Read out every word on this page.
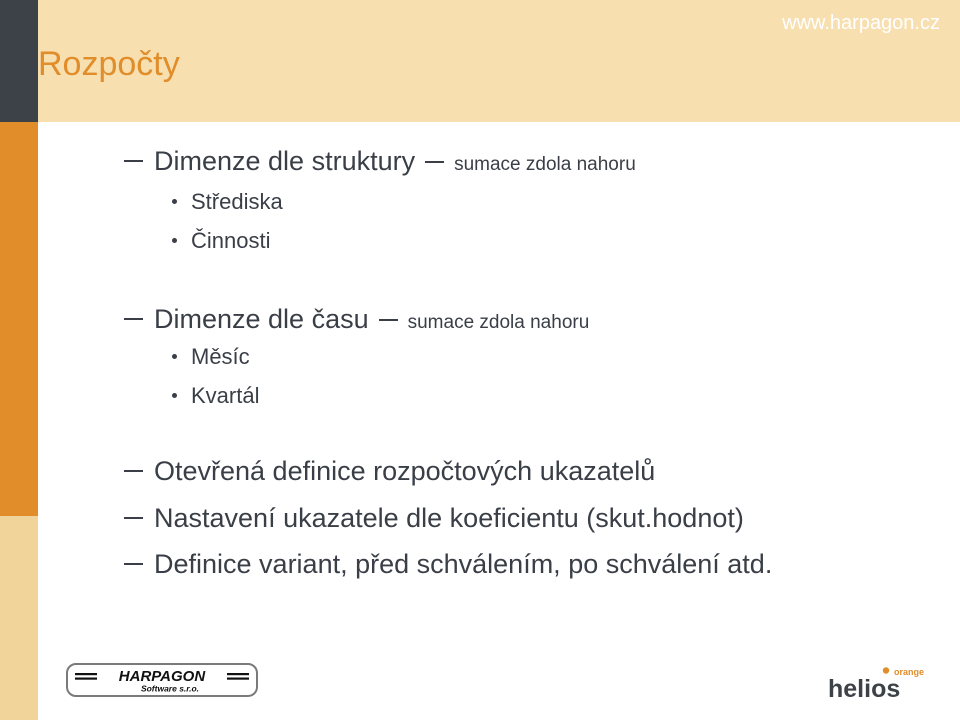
Rozpočty
www.harpagon.cz
Dimenze dle struktury sumace zdola nahoru
Střediska
Činnosti
Dimenze dle času sumace zdola nahoru
Měsíc
Kvartál
Otevřená definice rozpočtových ukazatelů
Nastavení ukazatele dle koeficientu (skut.hodnot)
Definice variant, před schválením, po schválení atd.
HARPAGON
Software s.r.o.	helios
orange
